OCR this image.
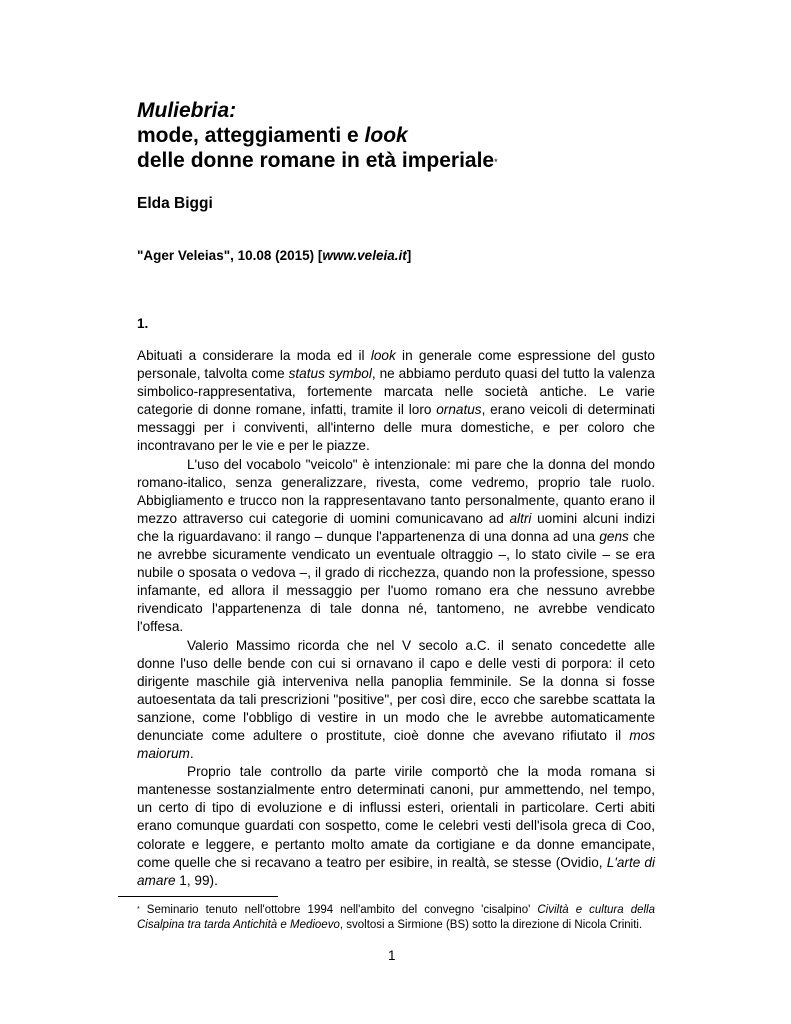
Muliebria:
mode, atteggiamenti e look
delle donne romane in età imperiale*
Elda Biggi
"Ager Veleias", 10.08 (2015) [www.veleia.it]
1.

Abituati a considerare la moda ed il look in generale come espressione del gusto personale, talvolta come status symbol, ne abbiamo perduto quasi del tutto la valenza simbolico-rappresentativa, fortemente marcata nelle società antiche. Le varie categorie di donne romane, infatti, tramite il loro ornatus, erano veicoli di determinati messaggi per i conviventi, all'interno delle mura domestiche, e per coloro che incontravano per le vie e per le piazze.

L'uso del vocabolo "veicolo" è intenzionale: mi pare che la donna del mondo romano-italico, senza generalizzare, rivesta, come vedremo, proprio tale ruolo. Abbigliamento e trucco non la rappresentavano tanto personalmente, quanto erano il mezzo attraverso cui categorie di uomini comunicavano ad altri uomini alcuni indizi che la riguardavano: il rango – dunque l'appartenenza di una donna ad una gens che ne avrebbe sicuramente vendicato un eventuale oltraggio –, lo stato civile – se era nubile o sposata o vedova –, il grado di ricchezza, quando non la professione, spesso infamante, ed allora il messaggio per l'uomo romano era che nessuno avrebbe rivendicato l'appartenenza di tale donna né, tantomeno, ne avrebbe vendicato l'offesa.

Valerio Massimo ricorda che nel V secolo a.C. il senato concedette alle donne l'uso delle bende con cui si ornavano il capo e delle vesti di porpora: il ceto dirigente maschile già interveniva nella panoplia femminile. Se la donna si fosse autoesentata da tali prescrizioni "positive", per così dire, ecco che sarebbe scattata la sanzione, come l'obbligo di vestire in un modo che le avrebbe automaticamente denunciate come adultere o prostitute, cioè donne che avevano rifiutato il mos maiorum.

Proprio tale controllo da parte virile comportò che la moda romana si mantenesse sostanzialmente entro determinati canoni, pur ammettendo, nel tempo, un certo di tipo di evoluzione e di influssi esteri, orientali in particolare. Certi abiti erano comunque guardati con sospetto, come le celebri vesti dell'isola greca di Coo, colorate e leggere, e pertanto molto amate da cortigiane e da donne emancipate, come quelle che si recavano a teatro per esibire, in realtà, se stesse (Ovidio, L'arte di amare 1, 99).

* Seminario tenuto nell'ottobre 1994 nell'ambito del convegno 'cisalpino' Civiltà e cultura della Cisalpina tra tarda Antichità e Medioevo, svoltosi a Sirmione (BS) sotto la direzione di Nicola Criniti.
1
